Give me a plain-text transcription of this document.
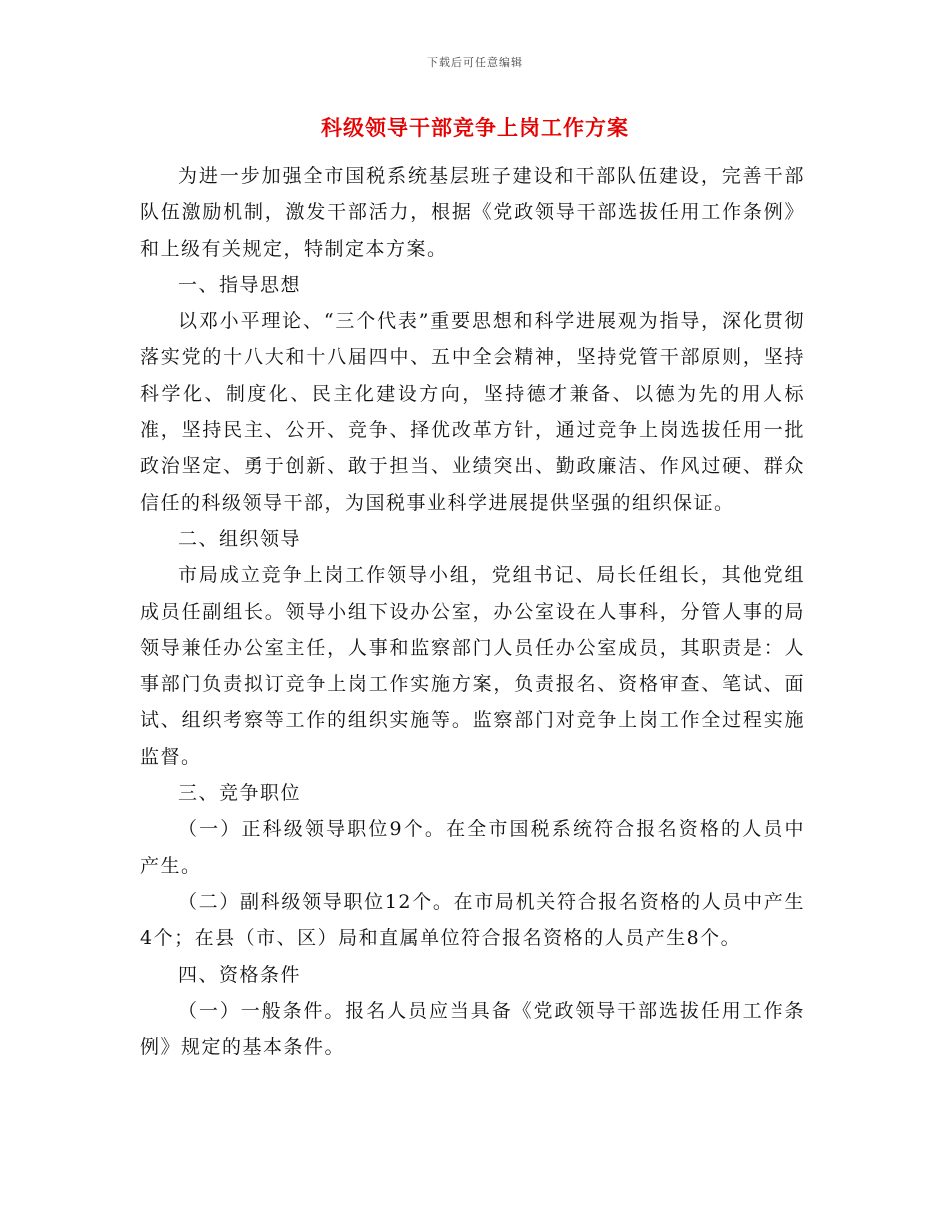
下载后可任意编辑
科级领导干部竞争上岗工作方案

为进一步加强全市国税系统基层班子建设和干部队伍建设，完善干部队伍激励机制，激发干部活力，根据《党政领导干部选拔任用工作条例》和上级有关规定，特制定本方案。

一、指导思想

以邓小平理论、“三个代表”重要思想和科学进展观为指导，深化贯彻落实党的十八大和十八届四中、五中全会精神，坚持党管干部原则，坚持科学化、制度化、民主化建设方向，坚持德才兼备、以德为先的用人标准，坚持民主、公开、竞争、择优改革方针，通过竞争上岗选拔任用一批政治坚定、勇于创新、敢于担当、业绩突出、勤政廉洁、作风过硬、群众信任的科级领导干部，为国税事业科学进展提供坚强的组织保证。

二、组织领导

市局成立竞争上岗工作领导小组，党组书记、局长任组长，其他党组成员任副组长。领导小组下设办公室，办公室设在人事科，分管人事的局领导兼任办公室主任，人事和监察部门人员任办公室成员，其职责是：人事部门负责拟订竞争上岗工作实施方案，负责报名、资格审查、笔试、面试、组织考察等工作的组织实施等。监察部门对竞争上岗工作全过程实施监督。

三、竞争职位

（一）正科级领导职位9个。在全市国税系统符合报名资格的人员中产生。

（二）副科级领导职位12个。在市局机关符合报名资格的人员中产生4个；在县（市、区）局和直属单位符合报名资格的人员产生8个。

四、资格条件

（一）一般条件。报名人员应当具备《党政领导干部选拔任用工作条例》规定的基本条件。
